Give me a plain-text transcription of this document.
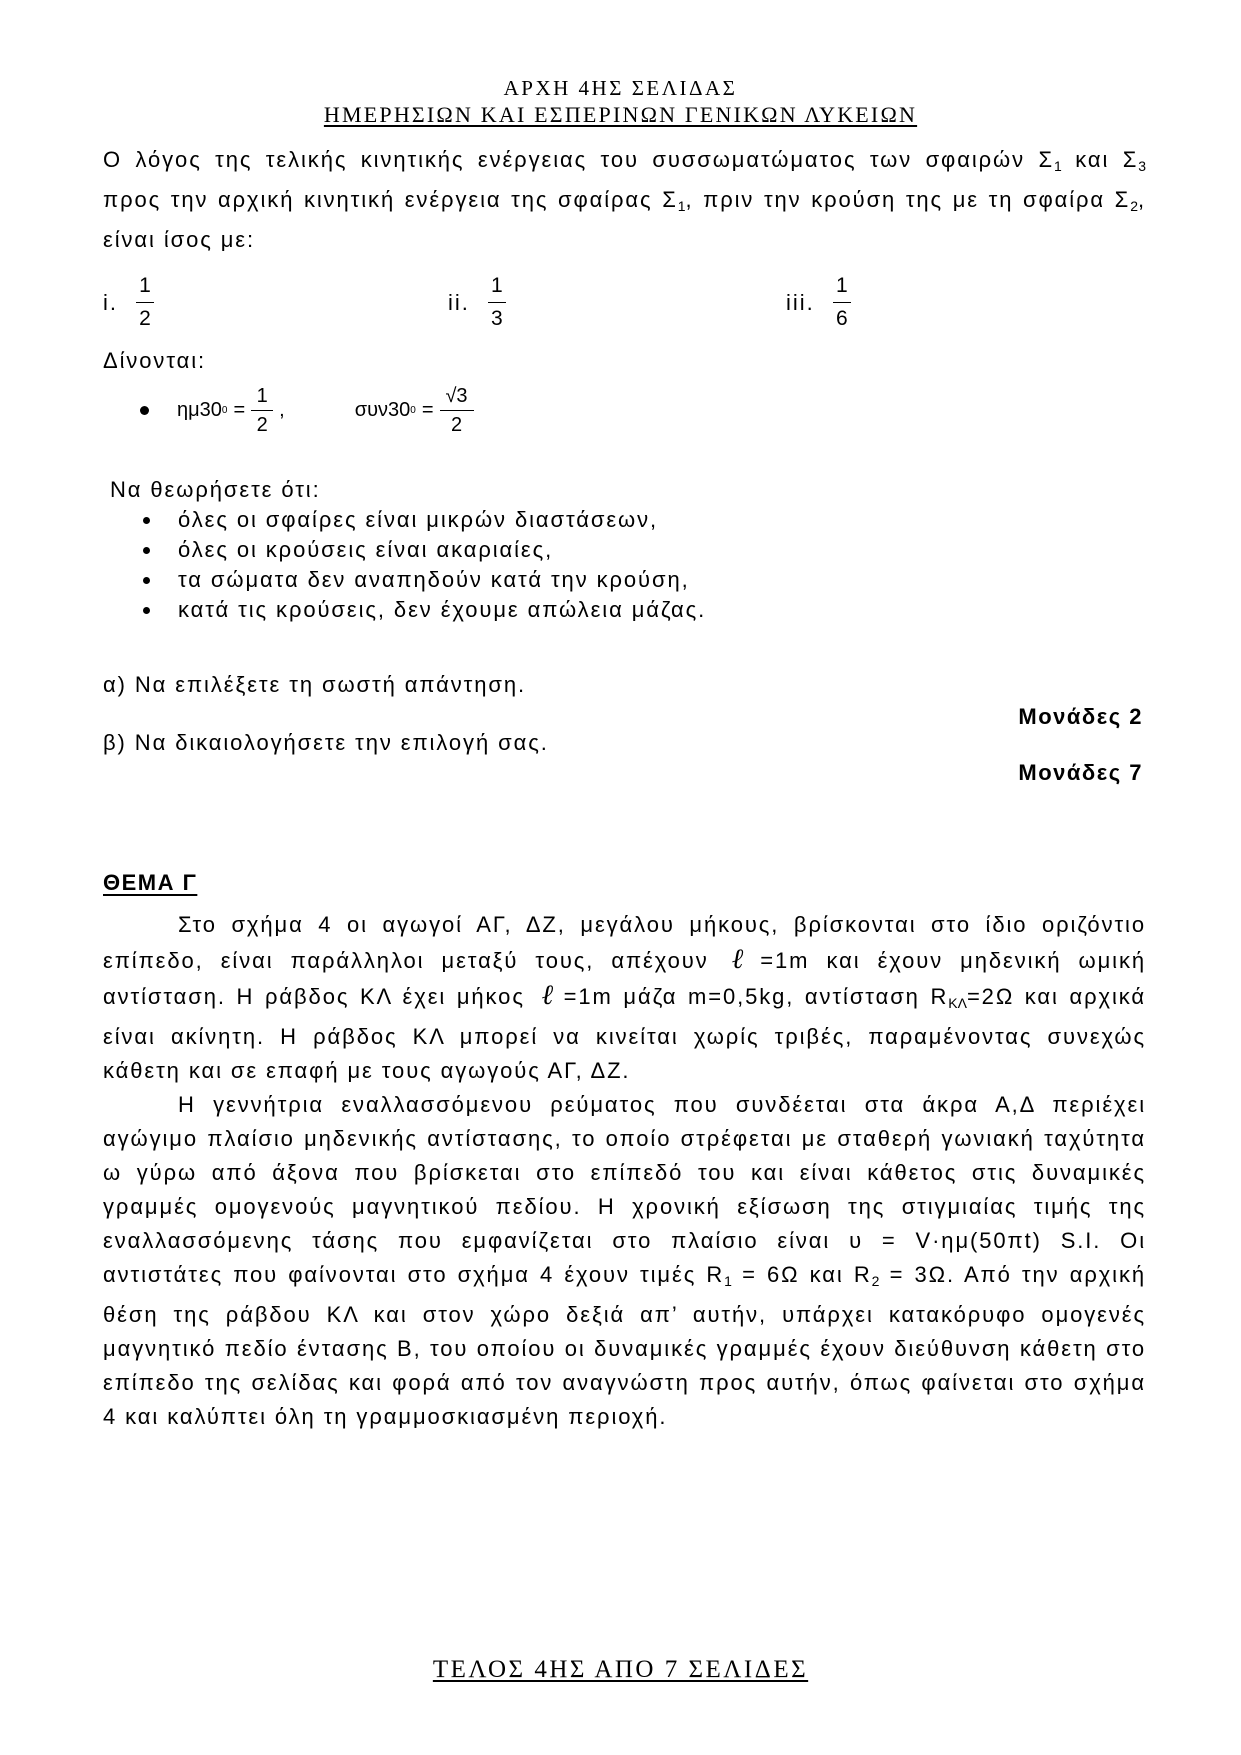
ΑΡΧΗ 4ΗΣ ΣΕΛΙΔΑΣ
ΗΜΕΡΗΣΙΩΝ ΚΑΙ ΕΣΠΕΡΙΝΩΝ ΓΕΝΙΚΩΝ ΛΥΚΕΙΩΝ
Ο λόγος της τελικής κινητικής ενέργειας του συσσωματώματος των σφαιρών $\Sigma_1$ και $\Sigma_3$ προς την αρχική κινητική ενέργεια της σφαίρας $\Sigma_1$, πριν την κρούση της με τη σφαίρα $\Sigma_2$, είναι ίσος με:
i. $\frac{1}{2}$	ii. $\frac{1}{3}$	iii. $\frac{1}{6}$
Δίνονται:
ημ30 0 =
1
2
,	συν30 0 =
√3
2
Να θεωρήσετε ότι:
όλες οι σφαίρες είναι μικρών διαστάσεων,
όλες οι κρούσεις είναι ακαριαίες,
τα σώματα δεν αναπηδούν κατά την κρούση,
κατά τις κρούσεις, δεν έχουμε απώλεια μάζας.
α) Να επιλέξετε τη σωστή απάντηση.
Μονάδες 2
β) Να δικαιολογήσετε την επιλογή σας.
Μονάδες 7
ΘΕΜΑ Γ

Στο σχήμα 4 οι αγωγοί ΑΓ, ΔΖ, μεγάλου μήκους, βρίσκονται στο ίδιο οριζόντιο επίπεδο, είναι παράλληλοι μεταξύ τους, απέχουν ℓ =1m και έχουν μηδενική ωμική αντίσταση. Η ράβδος ΚΛ έχει μήκος ℓ =1m μάζα m=0,5kg, αντίσταση $R_{K\Lambda}=2\Omega$ και αρχικά είναι ακίνητη. Η ράβδος ΚΛ μπορεί να κινείται χωρίς τριβές, παραμένοντας συνεχώς κάθετη και σε επαφή με τους αγωγούς ΑΓ, ΔΖ.

Η γεννήτρια εναλλασσόμενου ρεύματος που συνδέεται στα άκρα Α,Δ περιέχει αγώγιμο πλαίσιο μηδενικής αντίστασης, το οποίο στρέφεται με σταθερή γωνιακή ταχύτητα ω γύρω από άξονα που βρίσκεται στο επίπεδό του και είναι κάθετος στις δυναμικές γραμμές ομογενούς μαγνητικού πεδίου. Η χρονική εξίσωση της στιγμιαίας τιμής της εναλλασσόμενης τάσης που εμφανίζεται στο πλαίσιο είναι υ = V·ημ(50πt) S.I. Οι αντιστάτες που φαίνονται στο σχήμα 4 έχουν τιμές $R_1 = 6\Omega$ και $R_2 = 3\Omega$. Από την αρχική θέση της ράβδου ΚΛ και στον χώρο δεξιά απ’ αυτήν, υπάρχει κατακόρυφο ομογενές μαγνητικό πεδίο έντασης Β, του οποίου οι δυναμικές γραμμές έχουν διεύθυνση κάθετη στο επίπεδο της σελίδας και φορά από τον αναγνώστη προς αυτήν, όπως φαίνεται στο σχήμα 4 και καλύπτει όλη τη γραμμοσκιασμένη περιοχή.

ΤΕΛΟΣ 4ΗΣ ΑΠΟ 7 ΣΕΛΙΔΕΣ
